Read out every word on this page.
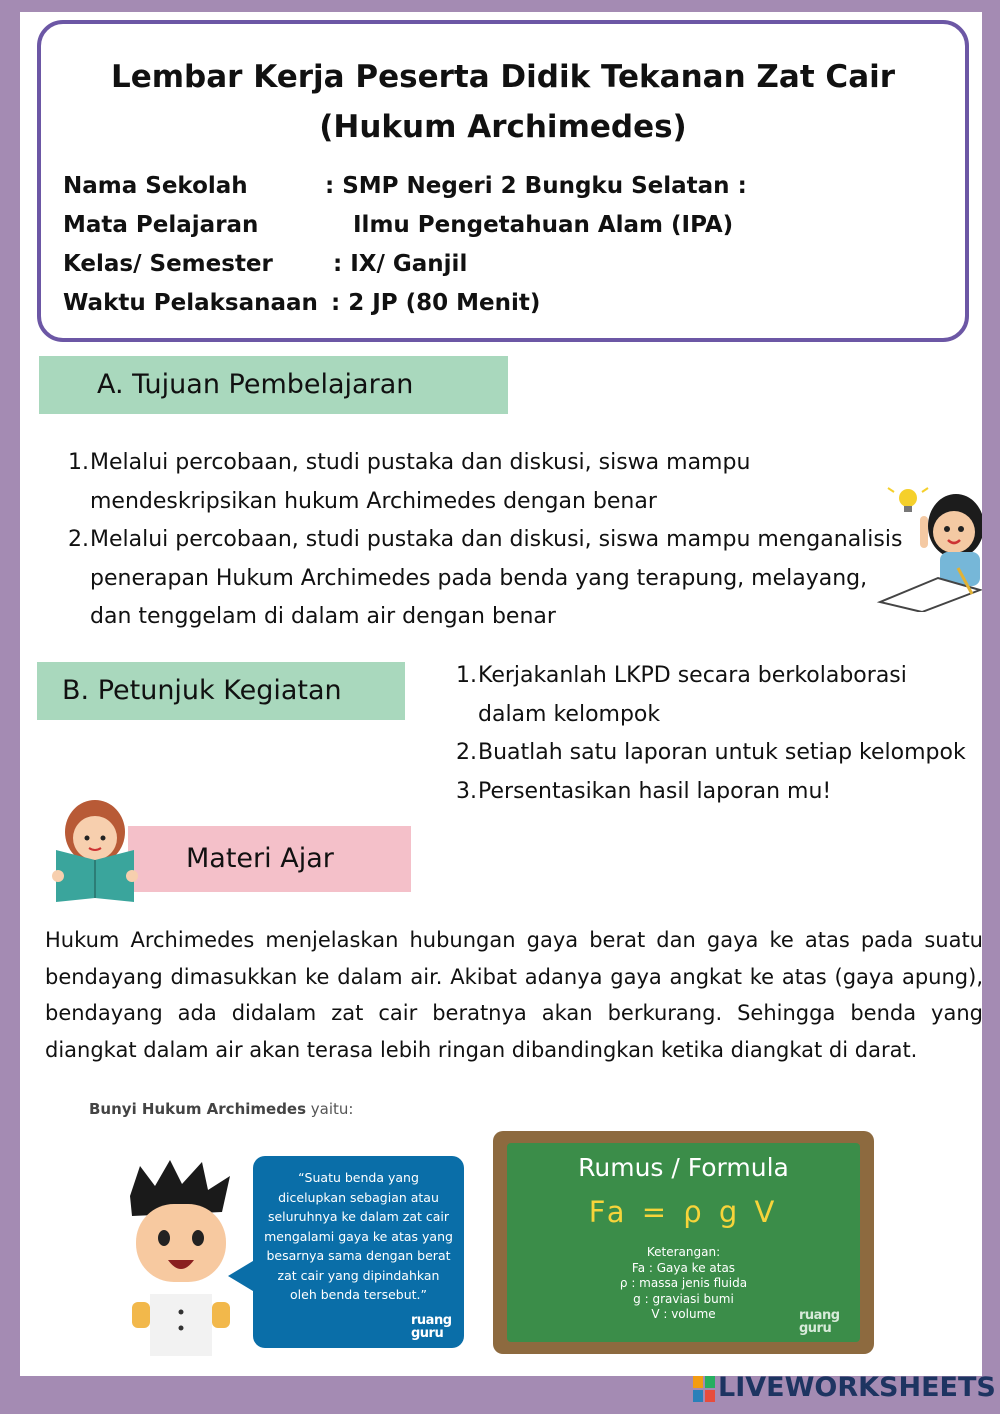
Lembar Kerja Peserta Didik Tekanan Zat Cair
(Hukum Archimedes)
Nama Sekolah	: SMP Negeri 2 Bungku Selatan :
Mata Pelajaran	Ilmu Pengetahuan Alam (IPA)
Kelas/ Semester	: IX/ Ganjil
Waktu Pelaksanaan : 2 JP (80 Menit)
A. Tujuan Pembelajaran
1. Melalui percobaan, studi pustaka dan diskusi, siswa mampu
mendeskripsikan hukum Archimedes dengan benar
2. Melalui percobaan, studi pustaka dan diskusi, siswa mampu menganalisis
penerapan Hukum Archimedes pada benda yang terapung, melayang,
dan tenggelam di dalam air dengan benar
B. Petunjuk Kegiatan	1. Kerjakanlah LKPD secara berkolaborasi
dalam kelompok
2. Buatlah satu laporan untuk setiap kelompok
3. Persentasikan hasil laporan mu!
Materi Ajar

Hukum Archimedes menjelaskan hubungan gaya berat dan gaya ke atas pada suatu bendayang dimasukkan ke dalam air. Akibat adanya gaya angkat ke atas (gaya apung), bendayang ada didalam zat cair beratnya akan berkurang. Sehingga benda yang diangkat dalam air akan terasa lebih ringan dibandingkan ketika diangkat di darat.

Bunyi Hukum Archimedes yaitu:
“Suatu benda yang dicelupkan sebagian atau seluruhnya ke dalam zat cair mengalami gaya ke atas yang besarnya sama dengan berat zat cair yang dipindahkan oleh benda tersebut.”
ruang
guru
Rumus / Formula
Fa = ρ g V
Keterangan:
Fa : Gaya ke atas
ρ : massa jenis fluida
g : graviasi bumi
V : volume	ruang
guru
LIVEWORKSHEETS
